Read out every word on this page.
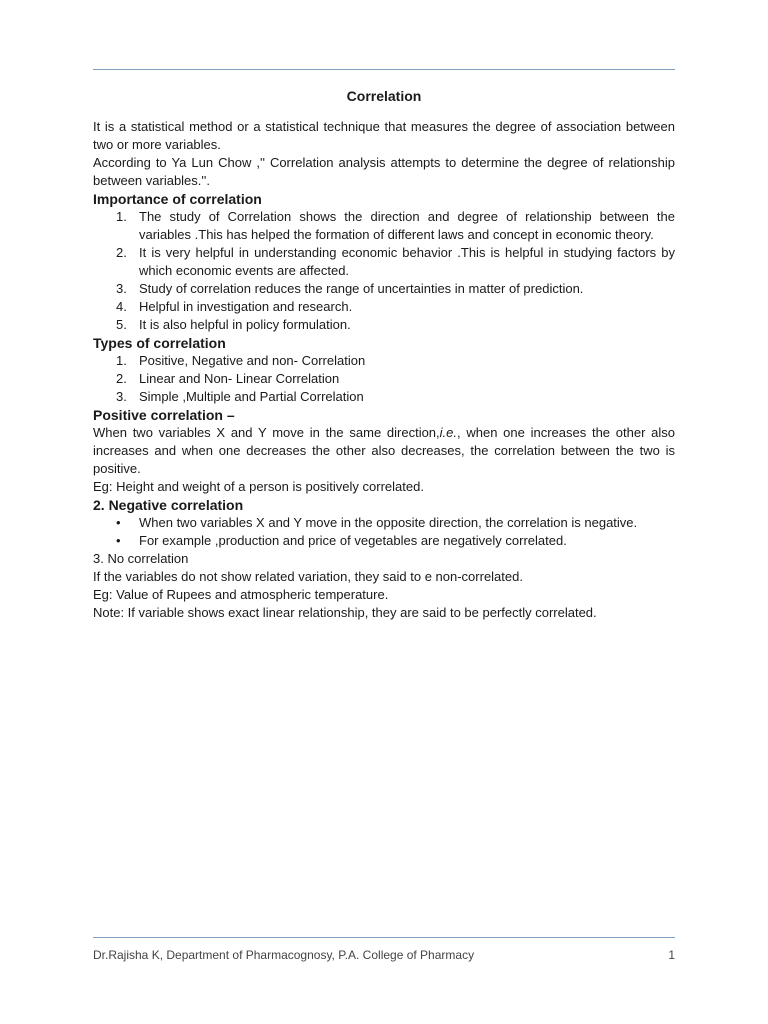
Correlation

It is a statistical method or a statistical technique that measures the degree of association between two or more variables.

According to Ya Lun Chow ,'' Correlation analysis attempts to determine the degree of relationship between variables.''.

Importance of correlation
1. The study of Correlation shows the direction and degree of relationship between the variables .This has helped the formation of different laws and concept in economic theory.
2. It is very helpful in understanding economic behavior .This is helpful in studying factors by which economic events are affected.
3. Study of correlation reduces the range of uncertainties in matter of prediction.
4. Helpful in investigation and research.
5. It is also helpful in policy formulation.
Types of correlation
1. Positive, Negative and non- Correlation
2. Linear and Non- Linear Correlation
3. Simple ,Multiple and Partial Correlation
Positive correlation –

When two variables X and Y move in the same direction,i.e., when one increases the other also increases and when one decreases the other also decreases, the correlation between the two is positive.

Eg: Height and weight of a person is positively correlated.

2. Negative correlation
• When two variables X and Y move in the opposite direction, the correlation is negative.
• For example ,production and price of vegetables are negatively correlated.

3. No correlation

If the variables do not show related variation, they said to e non-correlated.

Eg: Value of Rupees and atmospheric temperature.

Note: If variable shows exact linear relationship, they are said to be perfectly correlated.

Dr.Rajisha K, Department of Pharmacognosy, P.A. College of Pharmacy	1
